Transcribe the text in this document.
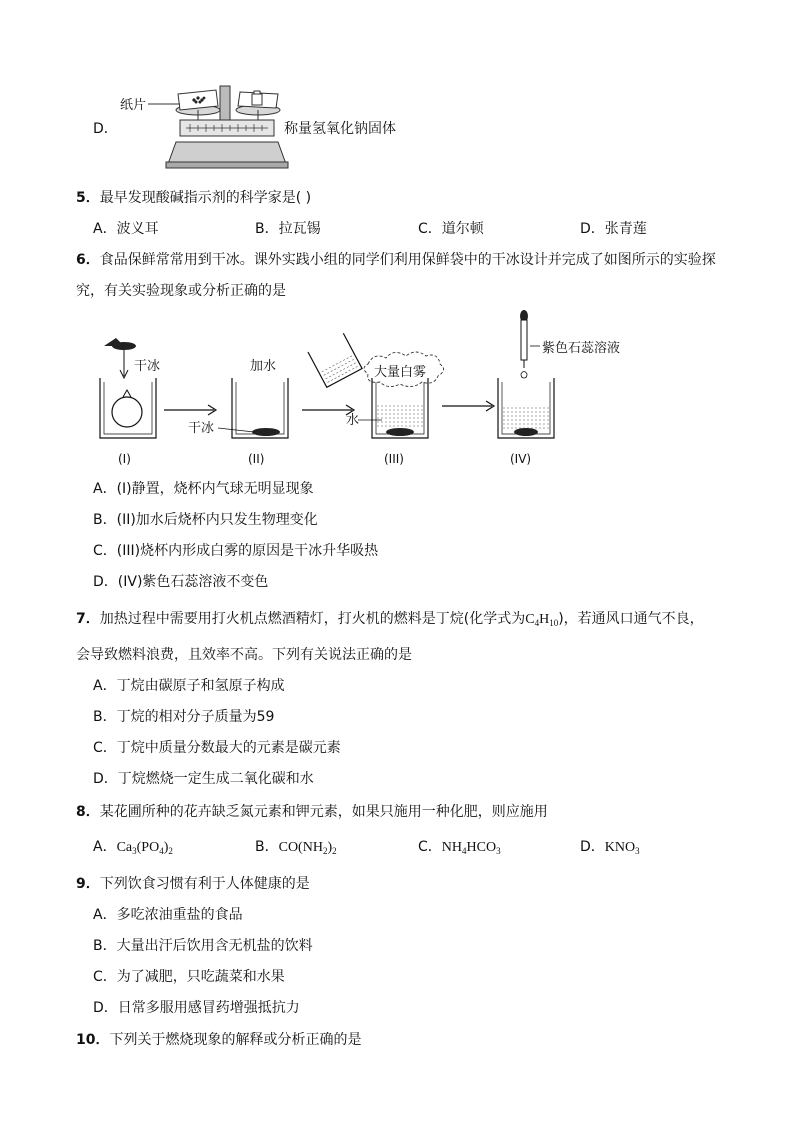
D．
纸片
称量氢氧化钠固体
5．最早发现酸碱指示剂的科学家是( )
A．波义耳	B．拉瓦锡	C．道尔顿	D．张青莲
6．食品保鲜常常用到干冰。课外实践小组的同学们利用保鲜袋中的干冰设计并完成了如图所示的实验探
究，有关实验现象或分析正确的是
干冰
(I)
加水
干冰
(II)
大量白雾
水
(III)
紫色石蕊溶液
(IV)
A．(I)静置，烧杯内气球无明显现象
B．(II)加水后烧杯内只发生物理变化
C．(III)烧杯内形成白雾的原因是干冰升华吸热
D．(IV)紫色石蕊溶液不变色
7．加热过程中需要用打火机点燃酒精灯，打火机的燃料是丁烷(化学式为$C_4H_{10}$)，若通风口通气不良，
会导致燃料浪费，且效率不高。下列有关说法正确的是
A．丁烷由碳原子和氢原子构成
B．丁烷的相对分子质量为59
C．丁烷中质量分数最大的元素是碳元素
D．丁烷燃烧一定生成二氧化碳和水
8．某花圃所种的花卉缺乏氮元素和钾元素，如果只施用一种化肥，则应施用
A．$Ca_3(PO_4)_2$	B．$CO(NH_2)_2$	C．$NH_4HCO_3$	D．$KNO_3$
9．下列饮食习惯有利于人体健康的是
A．多吃浓油重盐的食品
B．大量出汗后饮用含无机盐的饮料
C．为了减肥，只吃蔬菜和水果
D．日常多服用感冒药增强抵抗力
10．下列关于燃烧现象的解释或分析正确的是
